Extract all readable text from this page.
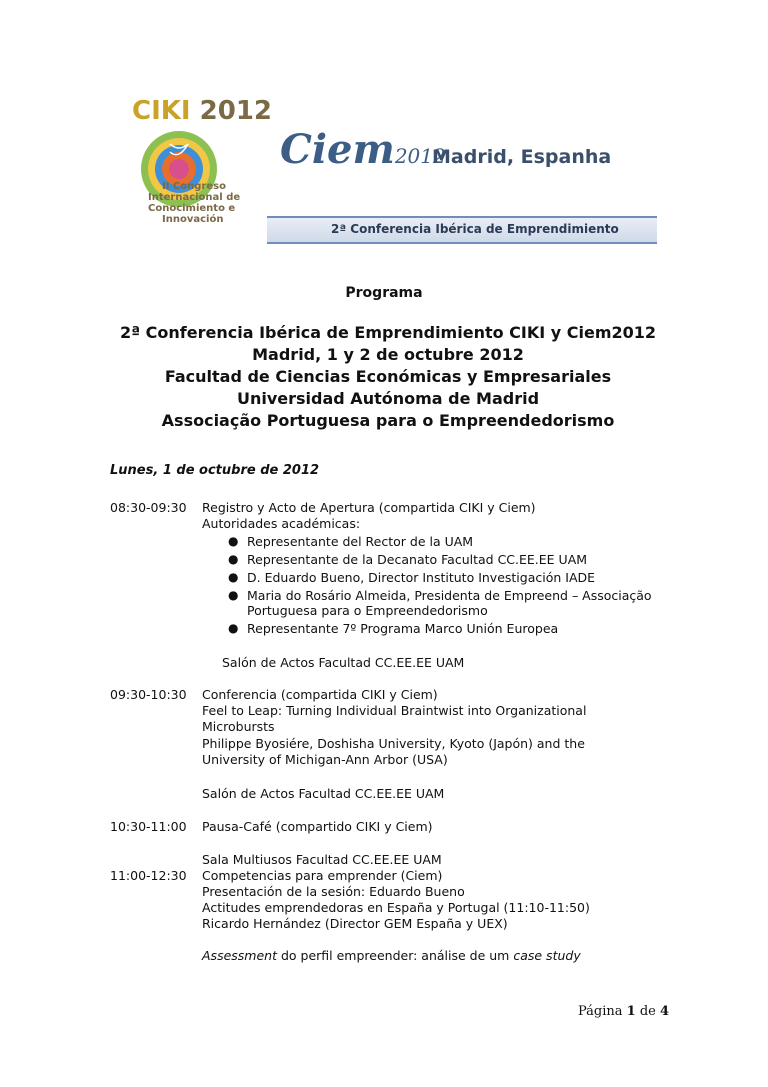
CIKI 2012
II Congreso
Internacional de
Conocimiento e
Innovación
Ciem2012
Madrid, Espanha
2ª Conferencia Ibérica de Emprendimiento
Programa
2ª Conferencia Ibérica de Emprendimiento CIKI y Ciem2012
Madrid, 1 y 2 de octubre 2012
Facultad de Ciencias Económicas y Empresariales
Universidad Autónoma de Madrid
Associação Portuguesa para o Empreendedorismo
Lunes, 1 de octubre de 2012
08:30-09:30 Registro y Acto de Apertura (compartida CIKI y Ciem)
Autoridades académicas:
● Representante del Rector de la UAM
● Representante de la Decanato Facultad CC.EE.EE UAM
● D. Eduardo Bueno, Director Instituto Investigación IADE
● Maria do Rosário Almeida, Presidenta de Empreend – Associação
Portuguesa para o Empreendedorismo
● Representante 7º Programa Marco Unión Europea
Salón de Actos Facultad CC.EE.EE UAM
09:30-10:30 Conferencia (compartida CIKI y Ciem)
Feel to Leap: Turning Individual Braintwist into Organizational
Microbursts
Philippe Byosiére, Doshisha University, Kyoto (Japón) and the
University of Michigan-Ann Arbor (USA)
Salón de Actos Facultad CC.EE.EE UAM
10:30-11:00 Pausa-Café (compartido CIKI y Ciem)
Sala Multiusos Facultad CC.EE.EE UAM
11:00-12:30 Competencias para emprender (Ciem)
Presentación de la sesión: Eduardo Bueno
Actitudes emprendedoras en España y Portugal (11:10-11:50)
Ricardo Hernández (Director GEM España y UEX)
Assessment do perfil empreender: análise de um case study
Página 1 de 4
